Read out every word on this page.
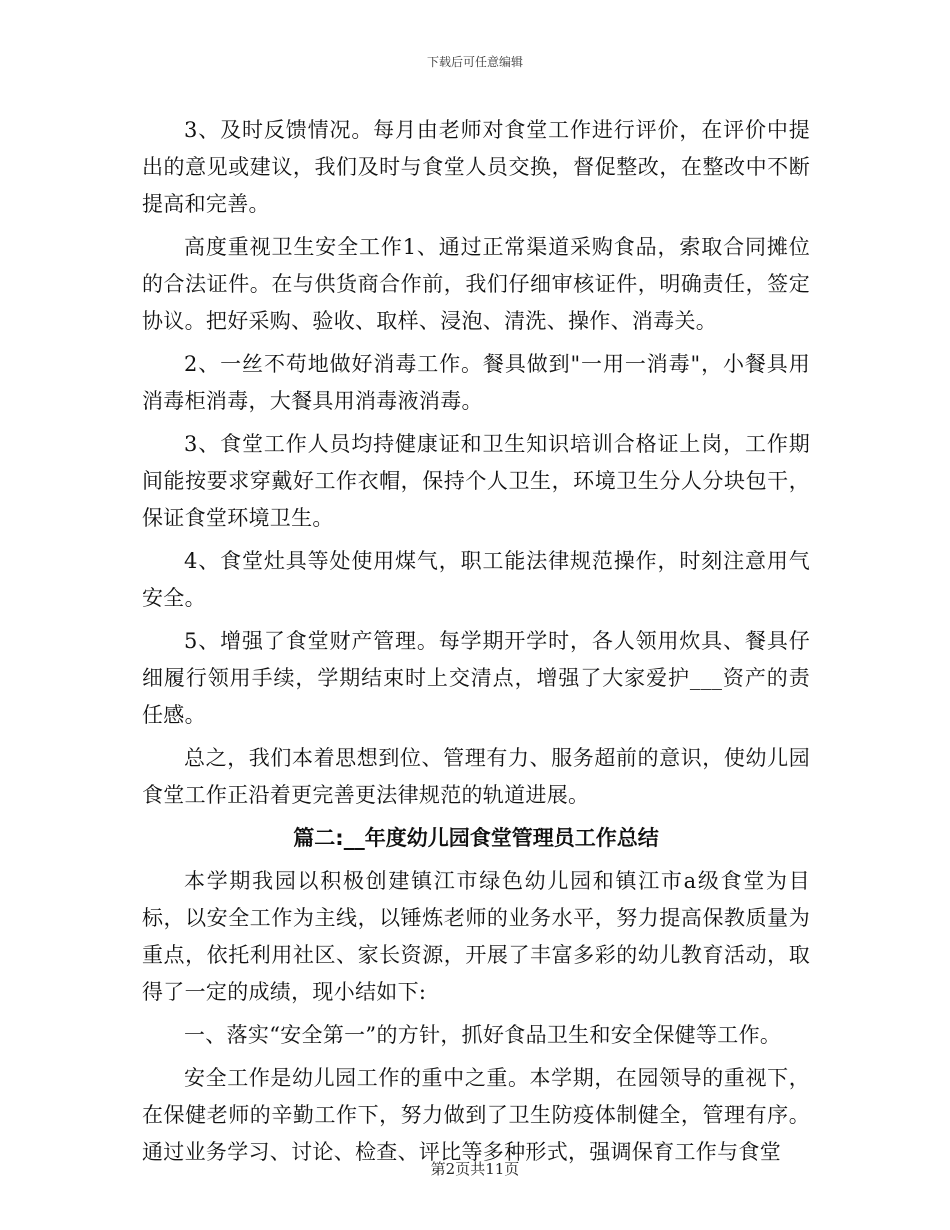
下载后可任意编辑

3、及时反馈情况。每月由老师对食堂工作进行评价，在评价中提出的意见或建议，我们及时与食堂人员交换，督促整改，在整改中不断提高和完善。

高度重视卫生安全工作1、通过正常渠道采购食品，索取合同摊位的合法证件。在与供货商合作前，我们仔细审核证件，明确责任，签定协议。把好采购、验收、取样、浸泡、清洗、操作、消毒关。

2、一丝不苟地做好消毒工作。餐具做到"一用一消毒"，小餐具用消毒柜消毒，大餐具用消毒液消毒。

3、食堂工作人员均持健康证和卫生知识培训合格证上岗，工作期间能按要求穿戴好工作衣帽，保持个人卫生，环境卫生分人分块包干，保证食堂环境卫生。

4、食堂灶具等处使用煤气，职工能法律规范操作，时刻注意用气安全。

5、增强了食堂财产管理。每学期开学时，各人领用炊具、餐具仔细履行领用手续，学期结束时上交清点，增强了大家爱护___资产的责任感。

总之，我们本着思想到位、管理有力、服务超前的意识，使幼儿园食堂工作正沿着更完善更法律规范的轨道进展。

篇二:__年度幼儿园食堂管理员工作总结

本学期我园以积极创建镇江市绿色幼儿园和镇江市a级食堂为目标，以安全工作为主线，以锤炼老师的业务水平，努力提高保教质量为重点，依托利用社区、家长资源，开展了丰富多彩的幼儿教育活动，取得了一定的成绩，现小结如下:

一、落实“安全第一”的方针，抓好食品卫生和安全保健等工作。

安全工作是幼儿园工作的重中之重。本学期，在园领导的重视下，在保健老师的辛勤工作下，努力做到了卫生防疫体制健全，管理有序。通过业务学习、讨论、检查、评比等多种形式，强调保育工作与食堂

第2页共11页
